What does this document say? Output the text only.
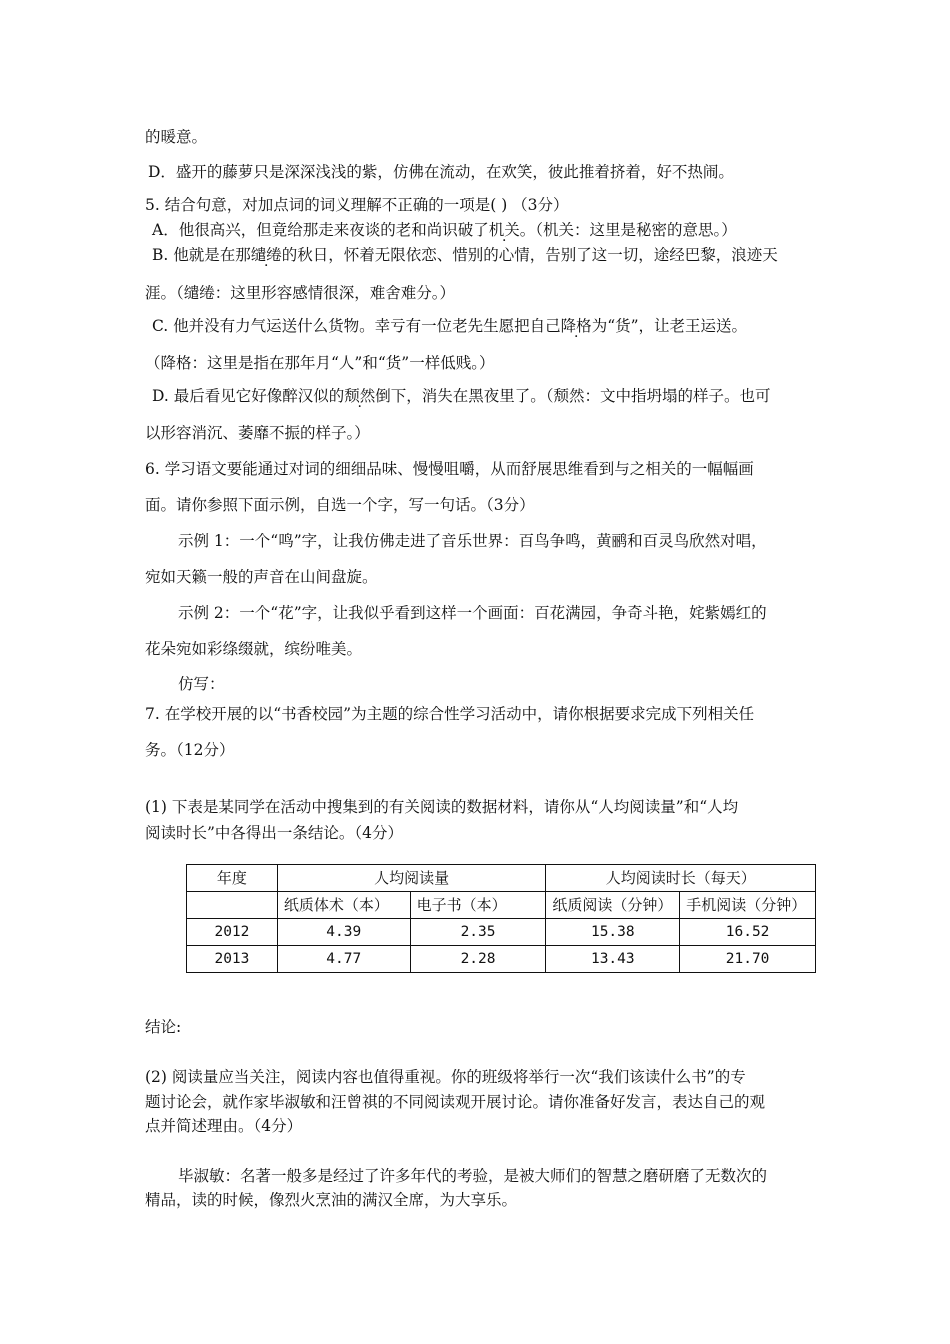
的暖意。
D．盛开的藤萝只是深深浅浅的紫，仿佛在流动，在欢笑，彼此推着挤着，好不热闹。
5. 结合句意，对加点词的词义理解不正确的一项是( ) （3分）
A．他很高兴，但竟给那走来夜谈的老和尚识破了机关。（机关：这里是秘密的意思。）
B. 他就是在那缱绻的秋日，怀着无限依恋、惜别的心情，告别了这一切，途经巴黎，浪迹天
涯。（缱绻：这里形容感情很深，难舍难分。）
C. 他并没有力气运送什么货物。幸亏有一位老先生愿把自己降格为“货”，让老王运送。
（降格：这里是指在那年月“人”和“货”一样低贱。）
D. 最后看见它好像醉汉似的颓然倒下，消失在黑夜里了。（颓然：文中指坍塌的样子。也可
以形容消沉、萎靡不振的样子。）
6. 学习语文要能通过对词的细细品味、慢慢咀嚼，从而舒展思维看到与之相关的一幅幅画
面。请你参照下面示例，自选一个字，写一句话。（3分）
示例 1：一个“鸣”字，让我仿佛走进了音乐世界：百鸟争鸣，黄鹂和百灵鸟欣然对唱，
宛如天籁一般的声音在山间盘旋。
示例 2：一个“花”字，让我似乎看到这样一个画面：百花满园，争奇斗艳，姹紫嫣红的
花朵宛如彩绦缀就，缤纷唯美。
仿写：
7. 在学校开展的以“书香校园”为主题的综合性学习活动中，请你根据要求完成下列相关任
务。（12分）
(1) 下表是某同学在活动中搜集到的有关阅读的数据材料，请你从“人均阅读量”和“人均
阅读时长”中各得出一条结论。（4分）
年度	人均阅读量		人均阅读时长（每天）	
	纸质体术（本）	电子书（本）	纸质阅读（分钟）	手机阅读（分钟）
2012	4.39	2.35	15.38	16.52
2013	4.77	2.28	13.43	21.70
结论:
(2) 阅读量应当关注，阅读内容也值得重视。你的班级将举行一次“我们该读什么书”的专
题讨论会，就作家毕淑敏和汪曾祺的不同阅读观开展讨论。请你准备好发言，表达自己的观
点并简述理由。（4分）
毕淑敏：名著一般多是经过了许多年代的考验，是被大师们的智慧之磨研磨了无数次的
精品，读的时候，像烈火烹油的满汉全席，为大享乐。
